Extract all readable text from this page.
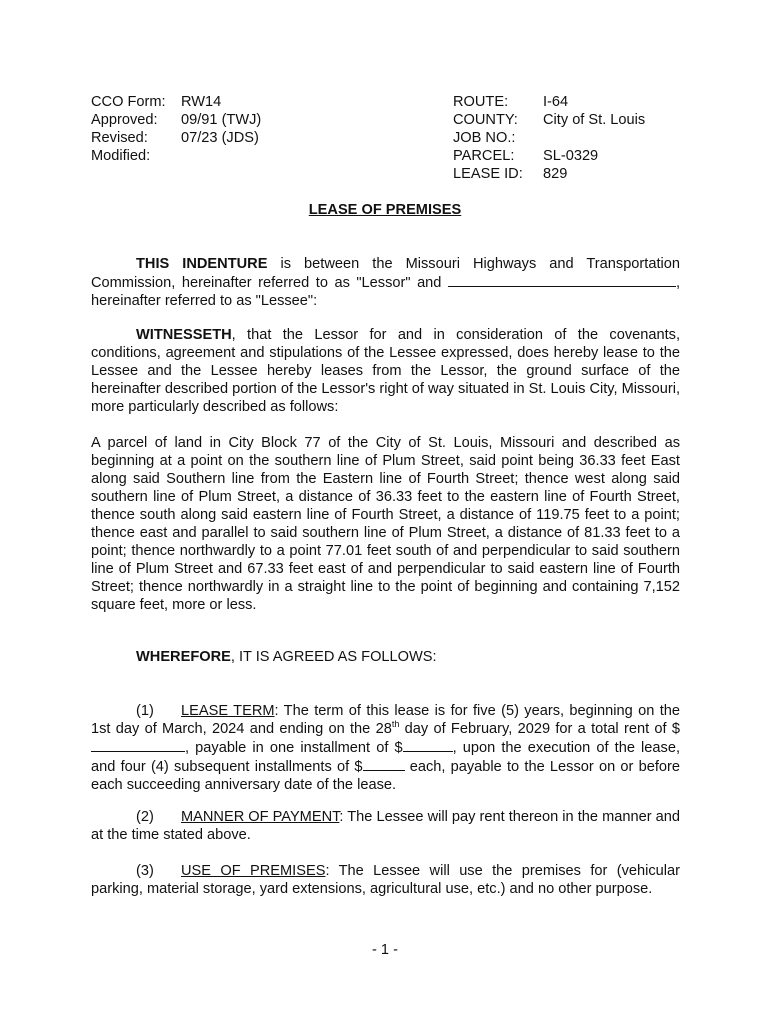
CCO Form:	RW14
Approved:	09/91 (TWJ)
Revised:	07/23 (JDS)
Modified:
ROUTE:	I-64
COUNTY:	City of St. Louis
JOB NO.:
PARCEL:	SL-0329
LEASE ID:	829
LEASE OF PREMISES
THIS INDENTURE is between the Missouri Highways and Transportation Commission, hereinafter referred to as "Lessor" and	, hereinafter referred to as "Lessee":
WITNESSETH, that the Lessor for and in consideration of the covenants, conditions, agreement and stipulations of the Lessee expressed, does hereby lease to the Lessee and the Lessee hereby leases from the Lessor, the ground surface of the hereinafter described portion of the Lessor's right of way situated in St. Louis City, Missouri, more particularly described as follows:
A parcel of land in City Block 77 of the City of St. Louis, Missouri and described as beginning at a point on the southern line of Plum Street, said point being 36.33 feet East along said Southern line from the Eastern line of Fourth Street; thence west along said southern line of Plum Street, a distance of 36.33 feet to the eastern line of Fourth Street, thence south along said eastern line of Fourth Street, a distance of 119.75 feet to a point; thence east and parallel to said southern line of Plum Street, a distance of 81.33 feet to a point; thence northwardly to a point 77.01 feet south of and perpendicular to said southern line of Plum Street and 67.33 feet east of and perpendicular to said eastern line of Fourth Street; thence northwardly in a straight line to the point of beginning and containing 7,152 square feet, more or less.
WHEREFORE, IT IS AGREED AS FOLLOWS:
(1) LEASE TERM: The term of this lease is for five (5) years, beginning on the 1st day of March, 2024 and ending on the 28th day of February, 2029 for a total rent of $, payable in one installment of $	, upon the execution of the lease, and four (4) subsequent installments of $	each, payable to the Lessor on or before each succeeding anniversary date of the lease.
(2) MANNER OF PAYMENT: The Lessee will pay rent thereon in the manner and at the time stated above.
(3) USE OF PREMISES: The Lessee will use the premises for (vehicular parking, material storage, yard extensions, agricultural use, etc.) and no other purpose.
- 1 -
